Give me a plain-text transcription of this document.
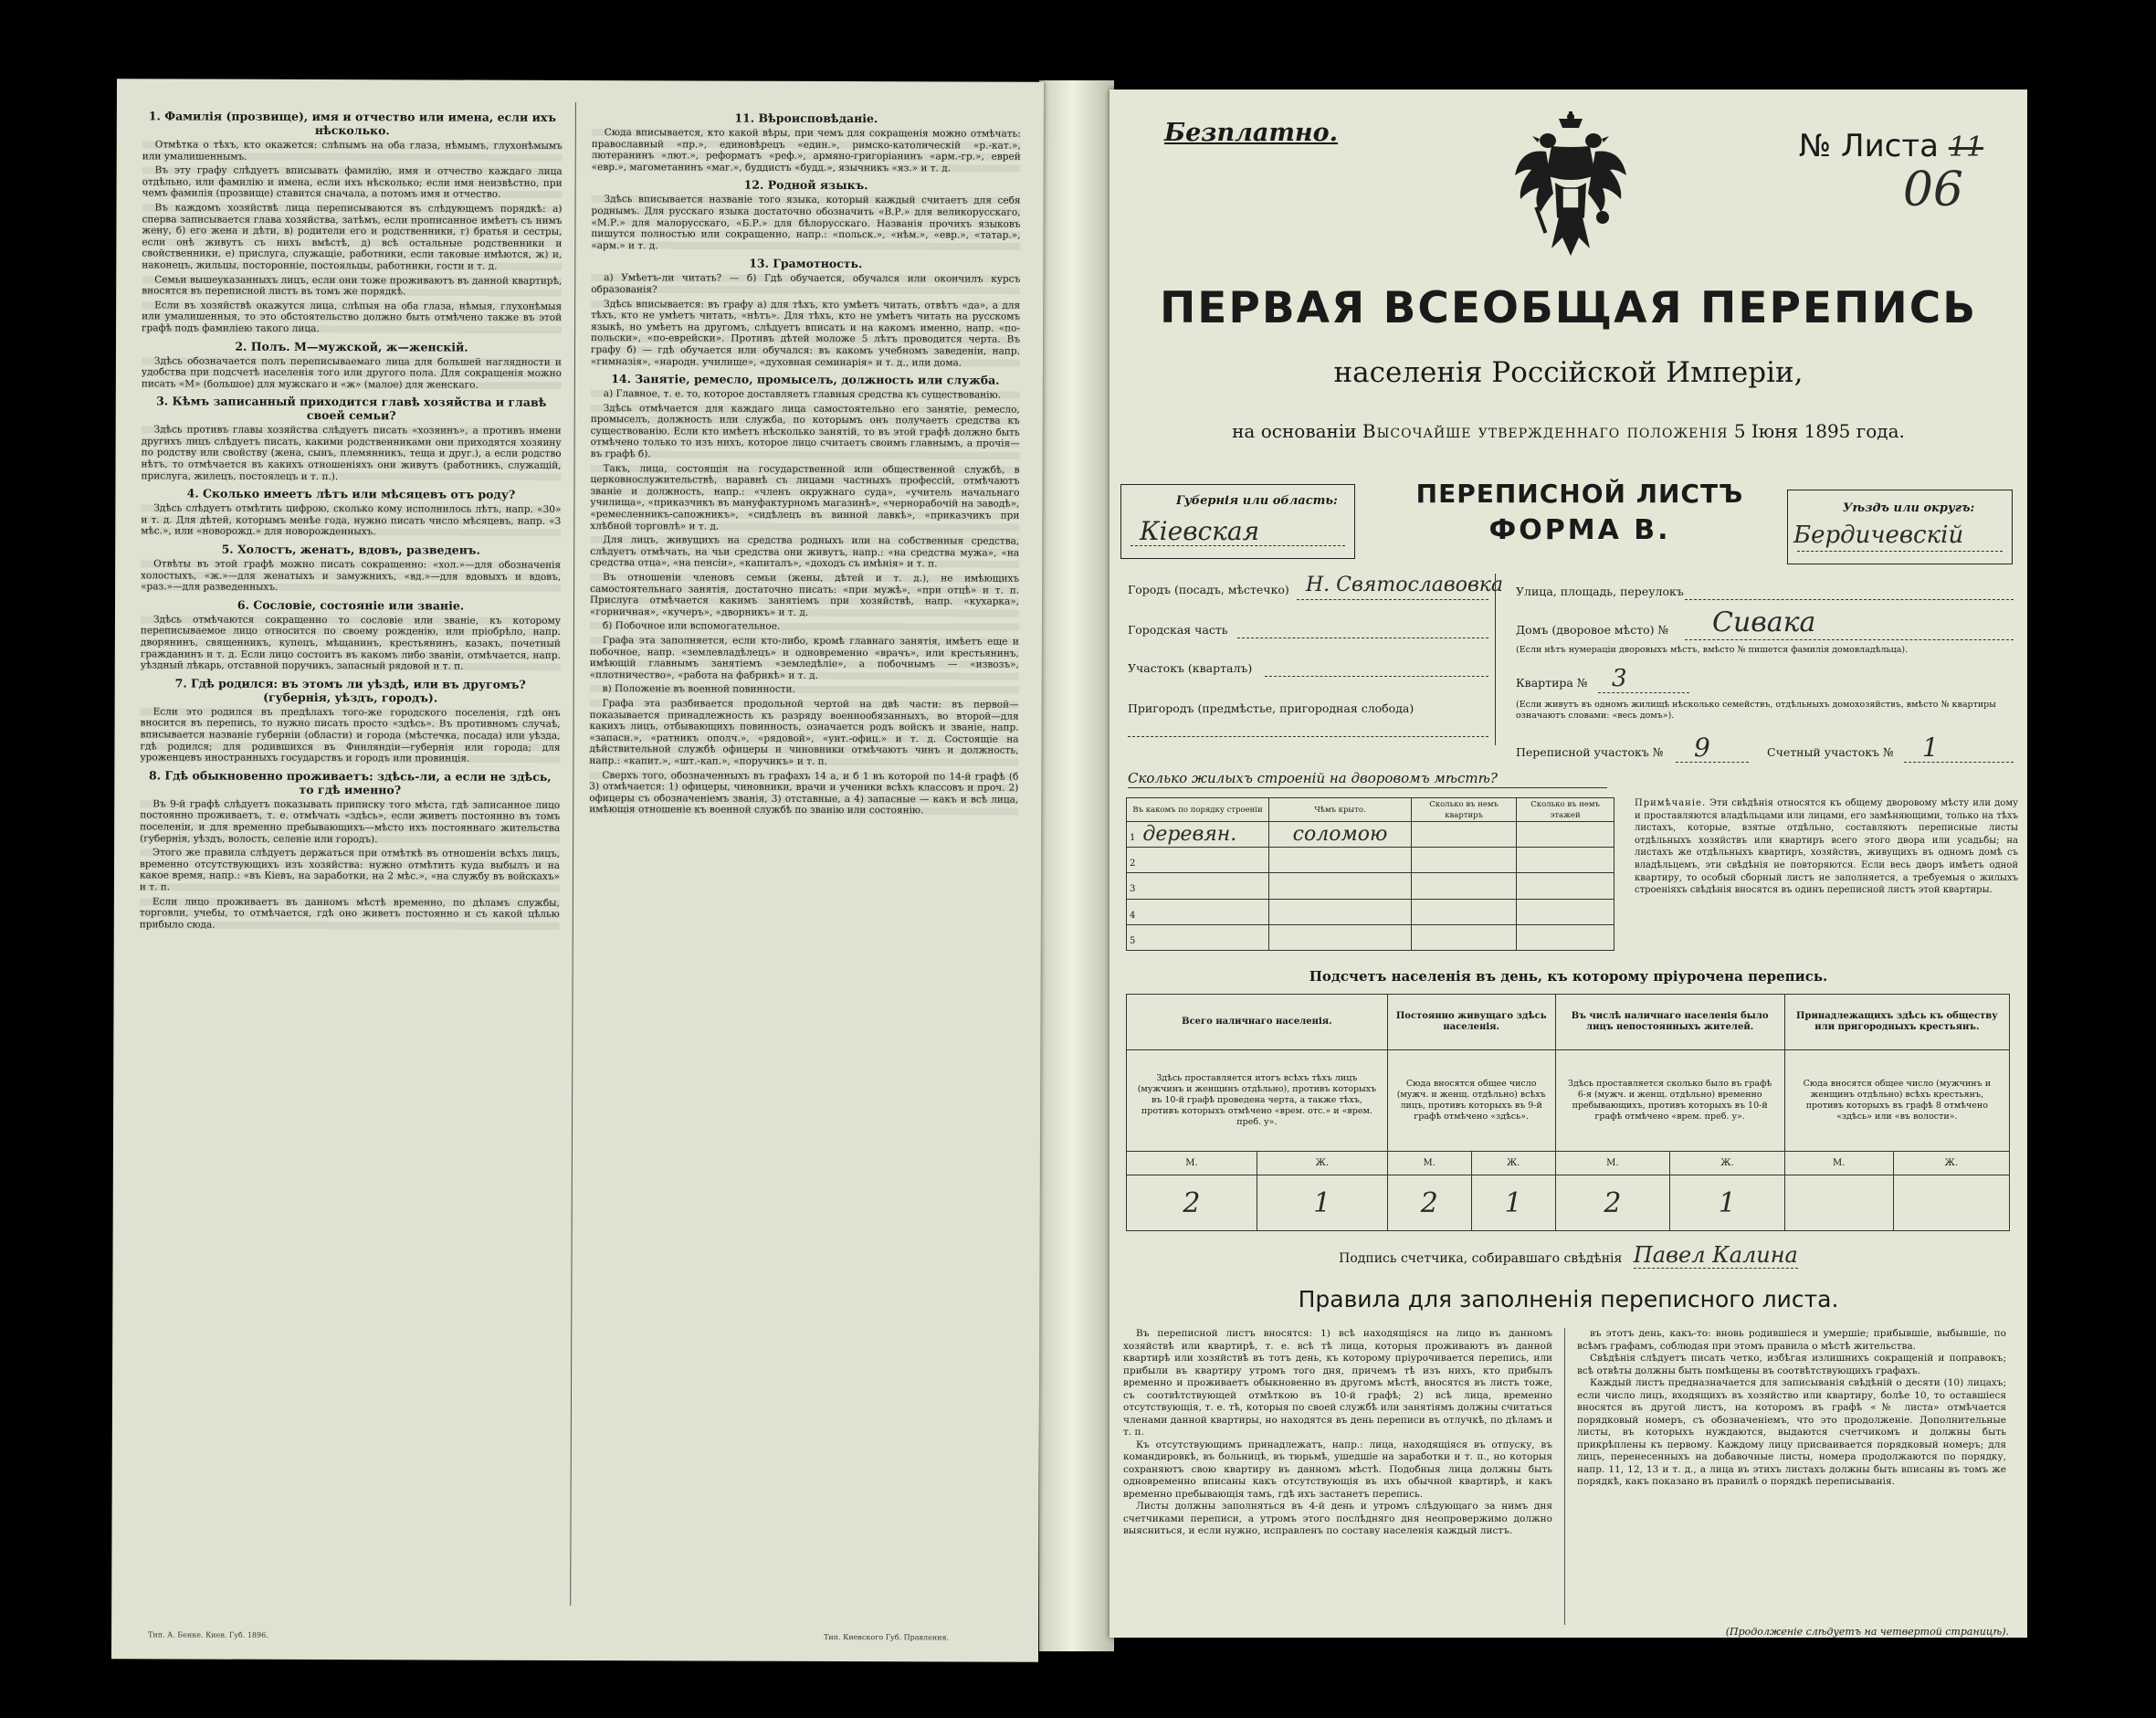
1. Фамилія (прозвище), имя и отчество или имена, если ихъ нѣсколько.
Отмѣтка о тѣхъ, кто окажется: слѣпымъ на оба глаза, нѣмымъ, глухонѣмымъ или умалишеннымъ.
Въ эту графу слѣдуетъ вписывать фамилію, имя и отчество каждаго лица отдѣльно, или фамилію и имена, если ихъ нѣсколько; если имя неизвѣстно, при чемъ фамилія (прозвище) ставится сначала, а потомъ имя и отчество.
Въ каждомъ хозяйствѣ лица переписываются въ слѣдующемъ порядкѣ: а) сперва записывается глава хозяйства, затѣмъ, если прописанное имѣетъ съ нимъ жену, б) его жена и дѣти, в) родители его и родственники, г) братья и сестры, если онѣ живутъ съ нихъ вмѣстѣ, д) всѣ остальные родственники и свойственники, е) прислуга, служащіе, работники, если таковые имѣются, ж) и, наконецъ, жильцы, посторонніе, постояльцы, работники, гости и т. д.
Семьи вышеуказанныхъ лицъ, если они тоже проживаютъ въ данной квартирѣ, вносятся въ переписной листъ въ томъ же порядкѣ.
Если въ хозяйствѣ окажутся лица, слѣпыя на оба глаза, нѣмыя, глухонѣмыя или умалишенныя, то это обстоятельство должно быть отмѣчено также въ этой графѣ подъ фамиліею такого лица.
2. Полъ. М—мужской, ж—женскій.
Здѣсь обозначается полъ переписываемаго лица для большей наглядности и удобства при подсчетѣ населенія того или другого пола. Для сокращенія можно писать «М» (большое) для мужскаго и «ж» (малое) для женскаго.
3. Кѣмъ записанный приходится главѣ хозяйства и главѣ своей семьи?
Здѣсь противъ главы хозяйства слѣдуетъ писать «хозяинъ», а противъ имени другихъ лицъ слѣдуетъ писать, какими родственниками они приходятся хозяину по родству или свойству (жена, сынъ, племянникъ, теща и друг.), а если родство нѣтъ, то отмѣчается въ какихъ отношеніяхъ они живутъ (работникъ, служащій, прислуга, жилецъ, постоялецъ и т. п.).
4. Сколько имеетъ лѣтъ или мѣсяцевъ отъ роду?
Здѣсь слѣдуетъ отмѣтить цифрою, сколько кому исполнилось лѣтъ, напр. «30» и т. д. Для дѣтей, которымъ менѣе года, нужно писать число мѣсяцевъ, напр. «3 мѣс.», или «новорожд.» для новорожденныхъ.
5. Холостъ, женатъ, вдовъ, разведенъ.
Отвѣты въ этой графѣ можно писать сокращенно: «хол.»—для обозначенія холостыхъ, «ж.»—для женатыхъ и замужнихъ, «вд.»—для вдовыхъ и вдовъ, «раз.»—для разведенныхъ.
6. Сословіе, состояніе или званіе.
Здѣсь отмѣчаются сокращенно то сословіе или званіе, къ которому переписываемое лицо относится по своему рожденію, или пріобрѣло, напр. дворянинъ, священникъ, купецъ, мѣщанинъ, крестьянинъ, казакъ, почетный гражданинъ и т. д. Если лицо состоитъ въ какомъ либо званіи, отмѣчается, напр. уѣздный лѣкарь, отставной поручикъ, запасный рядовой и т. п.
7. Гдѣ родился: въ этомъ ли уѣздѣ, или въ другомъ? (губернія, уѣздъ, городъ).
Если это родился въ предѣлахъ того-же городского поселенія, гдѣ онъ вносится въ перепись, то нужно писать просто «здѣсь». Въ противномъ случаѣ, вписывается названіе губерніи (области) и города (мѣстечка, посада) или уѣзда, гдѣ родился; для родившихся въ Финляндіи—губернія или города; для уроженцевъ иностранныхъ государствъ и городъ или провинція.
8. Гдѣ обыкновенно проживаетъ: здѣсь-ли, а если не здѣсь, то гдѣ именно?
Въ 9-й графѣ слѣдуетъ показывать приписку того мѣста, гдѣ записанное лицо постоянно проживаетъ, т. е. отмѣчать «здѣсь», если живетъ постоянно въ томъ поселеніи, и для временно пребывающихъ—мѣсто ихъ постояннаго жительства (губернія, уѣздъ, волость, селеніе или городъ).
Этого же правила слѣдуетъ держаться при отмѣткѣ въ отношеніи всѣхъ лицъ, временно отсутствующихъ изъ хозяйства: нужно отмѣтить куда выбылъ и на какое время, напр.: «въ Кіевъ, на заработки, на 2 мѣс.», «на службу въ войскахъ» и т. п.
Если лицо проживаетъ въ данномъ мѣстѣ временно, по дѣламъ службы, торговли, учебы, то отмѣчается, гдѣ оно живетъ постоянно и съ какой цѣлью прибыло сюда.
11. Вѣроисповѣданіе.
Сюда вписывается, кто какой вѣры, при чемъ для сокращенія можно отмѣчать: православный «пр.», единовѣрецъ «един.», римско-католическій «р.-кат.», лютеранинъ «лют.», реформатъ «реф.», армяно-григоріанинъ «арм.-гр.», еврей «евр.», магометанинъ «маг.», буддистъ «будд.», язычникъ «яз.» и т. д.
12. Родной языкъ.
Здѣсь вписывается названіе того языка, который каждый считаетъ для себя роднымъ. Для русскаго языка достаточно обозначить «В.Р.» для великорусскаго, «М.Р.» для малорусскаго, «Б.Р.» для бѣлорусскаго. Названія прочихъ языковъ пишутся полностью или сокращенно, напр.: «польск.», «нѣм.», «евр.», «татар.», «арм.» и т. д.
13. Грамотность.
а) Умѣетъ-ли читать? — б) Гдѣ обучается, обучался или окончилъ курсъ образованія?
Здѣсь вписывается: въ графу а) для тѣхъ, кто умѣетъ читать, отвѣтъ «да», а для тѣхъ, кто не умѣетъ читать, «нѣтъ». Для тѣхъ, кто не умѣетъ читать на русскомъ языкѣ, но умѣетъ на другомъ, слѣдуетъ вписать и на какомъ именно, напр. «по-польски», «по-еврейски». Противъ дѣтей моложе 5 лѣтъ проводится черта. Въ графу б) — гдѣ обучается или обучался: въ какомъ учебномъ заведеніи, напр. «гимназія», «народн. училище», «духовная семинарія» и т. д., или дома.
14. Занятіе, ремесло, промыселъ, должность или служба.
а) Главное, т. е. то, которое доставляетъ главныя средства къ существованію.
Здѣсь отмѣчается для каждаго лица самостоятельно его занятіе, ремесло, промыселъ, должность или служба, по которымъ онъ получаетъ средства къ существованію. Если кто имѣетъ нѣсколько занятій, то въ этой графѣ должно быть отмѣчено только то изъ нихъ, которое лицо считаетъ своимъ главнымъ, а прочія—въ графѣ б).
Такъ, лица, состоящія на государственной или общественной службѣ, в церковнослужительствѣ, наравнѣ съ лицами частныхъ профессій, отмѣчаютъ званіе и должность, напр.: «членъ окружнаго суда», «учитель начальнаго училища», «приказчикъ въ мануфактурномъ магазинѣ», «чернорабочій на заводѣ», «ремесленникъ-сапожникъ», «сидѣлецъ въ винной лавкѣ», «приказчикъ при хлѣбной торговлѣ» и т. д.
Для лицъ, живущихъ на средства родныхъ или на собственныя средства, слѣдуетъ отмѣчать, на чьи средства они живутъ, напр.: «на средства мужа», «на средства отца», «на пенсіи», «капиталъ», «доходъ съ имѣнія» и т. п.
Въ отношеніи членовъ семьи (жены, дѣтей и т. д.), не имѣющихъ самостоятельнаго занятія, достаточно писать: «при мужѣ», «при отцѣ» и т. п. Прислуга отмѣчается какимъ занятіемъ при хозяйствѣ, напр. «кухарка», «горничная», «кучеръ», «дворникъ» и т. д.
б) Побочное или вспомогательное.
Графа эта заполняется, если кто-либо, кромѣ главнаго занятія, имѣетъ еще и побочное, напр. «землевладѣлецъ» и одновременно «врачъ», или крестьянинъ, имѣющій главнымъ занятіемъ «земледѣліе», а побочнымъ — «извозъ», «плотничество», «работа на фабрикѣ» и т. д.
в) Положеніе въ военной повинности.
Графа эта разбивается продольной чертой на двѣ части: въ первой—показывается принадлежность къ разряду военнообязанныхъ, во второй—для какихъ лицъ, отбывающихъ повинность, означается родъ войскъ и званіе, напр. «запасн.», «ратникъ ополч.», «рядовой», «унт.-офиц.» и т. д. Состоящіе на дѣйствительной службѣ офицеры и чиновники отмѣчаютъ чинъ и должность, напр.: «капит.», «шт.-кап.», «поручикъ» и т. п.
Сверхъ того, обозначенныхъ въ графахъ 14 а, и б 1 въ которой по 14-й графѣ (б 3) отмѣчается: 1) офицеры, чиновники, врачи и ученики всѣхъ классовъ и проч. 2) офицеры съ обозначеніемъ званія, 3) отставные, а 4) запасные — какъ и всѣ лица, имѣющія отношеніе къ военной службѣ по званію или состоянію.
Тип. А. Бенке. Киев. Губ. 1896.	Тип. Киевского Губ. Правления.
Безплатно.	№ Листа 11
06
ПЕРВАЯ ВСЕОБЩАЯ ПЕРЕПИСЬ
населенія Россійской Имперіи,
на основаніи Высочайше утвержденнаго положенія 5 Іюня 1895 года.
Губернія или область:
Кіевская
ПЕРЕПИСНОЙ ЛИСТЪ
ФОРМА В.
Уѣздъ или округъ:
Бердичевскій
Городъ (посадъ, мѣстечко) Н. Святославовка
Городская часть
Участокъ (кварталъ)
Пригородъ (предмѣстье, пригородная слобода)
Улица, площадь, переулокъ
Домъ (дворовое мѣсто) № Сивака
(Если нѣтъ нумераціи дворовыхъ мѣстъ, вмѣсто № пишется фамилія домовладѣльца).
Квартира № 3
(Если живутъ въ одномъ жилищѣ нѣсколько семействъ, отдѣльныхъ домохозяйствъ, вмѣсто № квартиры означаютъ словами: «весь домъ»).
Переписной участокъ № 9	Счетный участокъ № 1
Сколько жилыхъ строеній на дворовомъ мѣстѣ?
Въ какомъ по порядку строеніи	Чѣмъ крыто.	Сколько въ немъ квартиръ	Сколько въ немъ этажей
1 деревян.	соломою		
2			
3			
4			
5			
Примѣчаніе. Эти свѣдѣнія относятся къ общему дворовому мѣсту или дому и проставляются владѣльцами или лицами, его замѣняющими, только на тѣхъ листахъ, которые, взятые отдѣльно, составляютъ переписные листы отдѣльныхъ хозяйствъ или квартиръ всего этого двора или усадьбы; на листахъ же отдѣльныхъ квартиръ, хозяйствъ, живущихъ въ одномъ домѣ съ владѣльцемъ, эти свѣдѣнія не повторяются. Если весь дворъ имѣетъ одной квартиру, то особый сборный листъ не заполняется, а требуемыя о жилыхъ строеніяхъ свѣдѣнія вносятся въ одинъ переписной листъ этой квартиры.
Подсчетъ населенія въ день, къ которому пріурочена перепись.
Всего наличнаго населенія.		Постоянно живущаго здѣсь населенія.		Въ числѣ наличнаго населенія было лицъ непостоянныхъ жителей.		Принадлежащихъ здѣсь къ обществу или пригородныхъ крестьянъ.	
Здѣсь проставляется итогъ всѣхъ тѣхъ лицъ (мужчинъ и женщинъ отдѣльно), противъ которыхъ въ 10-й графѣ проведена черта, а также тѣхъ, противъ которыхъ отмѣчено «врем. отс.» и «врем. преб. у».		Сюда вносятся общее число (мужч. и женщ. отдѣльно) всѣхъ лицъ, противъ которыхъ въ 9-й графѣ отмѣчено «здѣсь».		Здѣсь проставляется сколько было въ графѣ 6-я (мужч. и женщ. отдѣльно) временно пребывающихъ, противъ которыхъ въ 10-й графѣ отмѣчено «врем. преб. у».		Сюда вносятся общее число (мужчинъ и женщинъ отдѣльно) всѣхъ крестьянъ, противъ которыхъ въ графѣ 8 отмѣчено «здѣсь» или «въ волости».	
М.	Ж.	М.	Ж.	М.	Ж.	М.	Ж.
2	1	2	1	2	1		
Подпись счетчика, собиравшаго свѣдѣнія Павел Калина
Правила для заполненія переписного листа.

Въ переписной листъ вносятся: 1) всѣ находящіяся на лицо въ данномъ хозяйствѣ или квартирѣ, т. е. всѣ тѣ лица, которыя проживаютъ въ данной квартирѣ или хозяйствѣ въ тотъ день, къ которому пріурочивается перепись, или прибыли въ квартиру утромъ того дня, причемъ тѣ изъ нихъ, кто прибылъ временно и проживаетъ обыкновенно въ другомъ мѣстѣ, вносятся въ листъ тоже, съ соотвѣтствующей отмѣткою въ 10-й графѣ; 2) всѣ лица, временно отсутствующія, т. е. тѣ, которыя по своей службѣ или занятіямъ должны считаться членами данной квартиры, но находятся въ день переписи въ отлучкѣ, по дѣламъ и т. п.

Къ отсутствующимъ принадлежатъ, напр.: лица, находящіяся въ отпуску, въ командировкѣ, въ больницѣ, въ тюрьмѣ, ушедшіе на заработки и т. п., но которыя сохраняютъ свою квартиру въ данномъ мѣстѣ. Подобныя лица должны быть одновременно вписаны какъ отсутствующія въ ихъ обычной квартирѣ, и какъ временно пребывающія тамъ, гдѣ ихъ застанетъ перепись.

Листы должны заполняться въ 4-й день и утромъ слѣдующаго за нимъ дня счетчиками переписи, а утромъ этого послѣдняго дня неопровержимо должно выясниться, и если нужно, исправленъ по составу населенія каждый листъ.

въ этотъ день, какъ-то: вновь родившіеся и умершіе; прибывшіе, выбывшіе, по всѣмъ графамъ, соблюдая при этомъ правила о мѣстѣ жительства.

Свѣдѣнія слѣдуетъ писать четко, избѣгая излишнихъ сокращеній и поправокъ; всѣ отвѣты должны быть помѣщены въ соотвѣтствующихъ графахъ.

Каждый листъ предназначается для записыванія свѣдѣній о десяти (10) лицахъ; если число лицъ, входящихъ въ хозяйство или квартиру, болѣе 10, то оставшіеся вносятся въ другой листъ, на которомъ въ графѣ «№ листа» отмѣчается порядковый номеръ, съ обозначеніемъ, что это продолженіе. Дополнительные листы, въ которыхъ нуждаются, выдаются счетчикомъ и должны быть прикрѣплены къ первому. Каждому лицу присваивается порядковый номеръ; для лицъ, перенесенныхъ на добавочные листы, номера продолжаются по порядку, напр. 11, 12, 13 и т. д., а лица въ этихъ листахъ должны быть вписаны въ томъ же порядкѣ, какъ показано въ правилѣ о порядкѣ переписыванія.

(Продолженіе слѣдуетъ на четвертой страницѣ).
